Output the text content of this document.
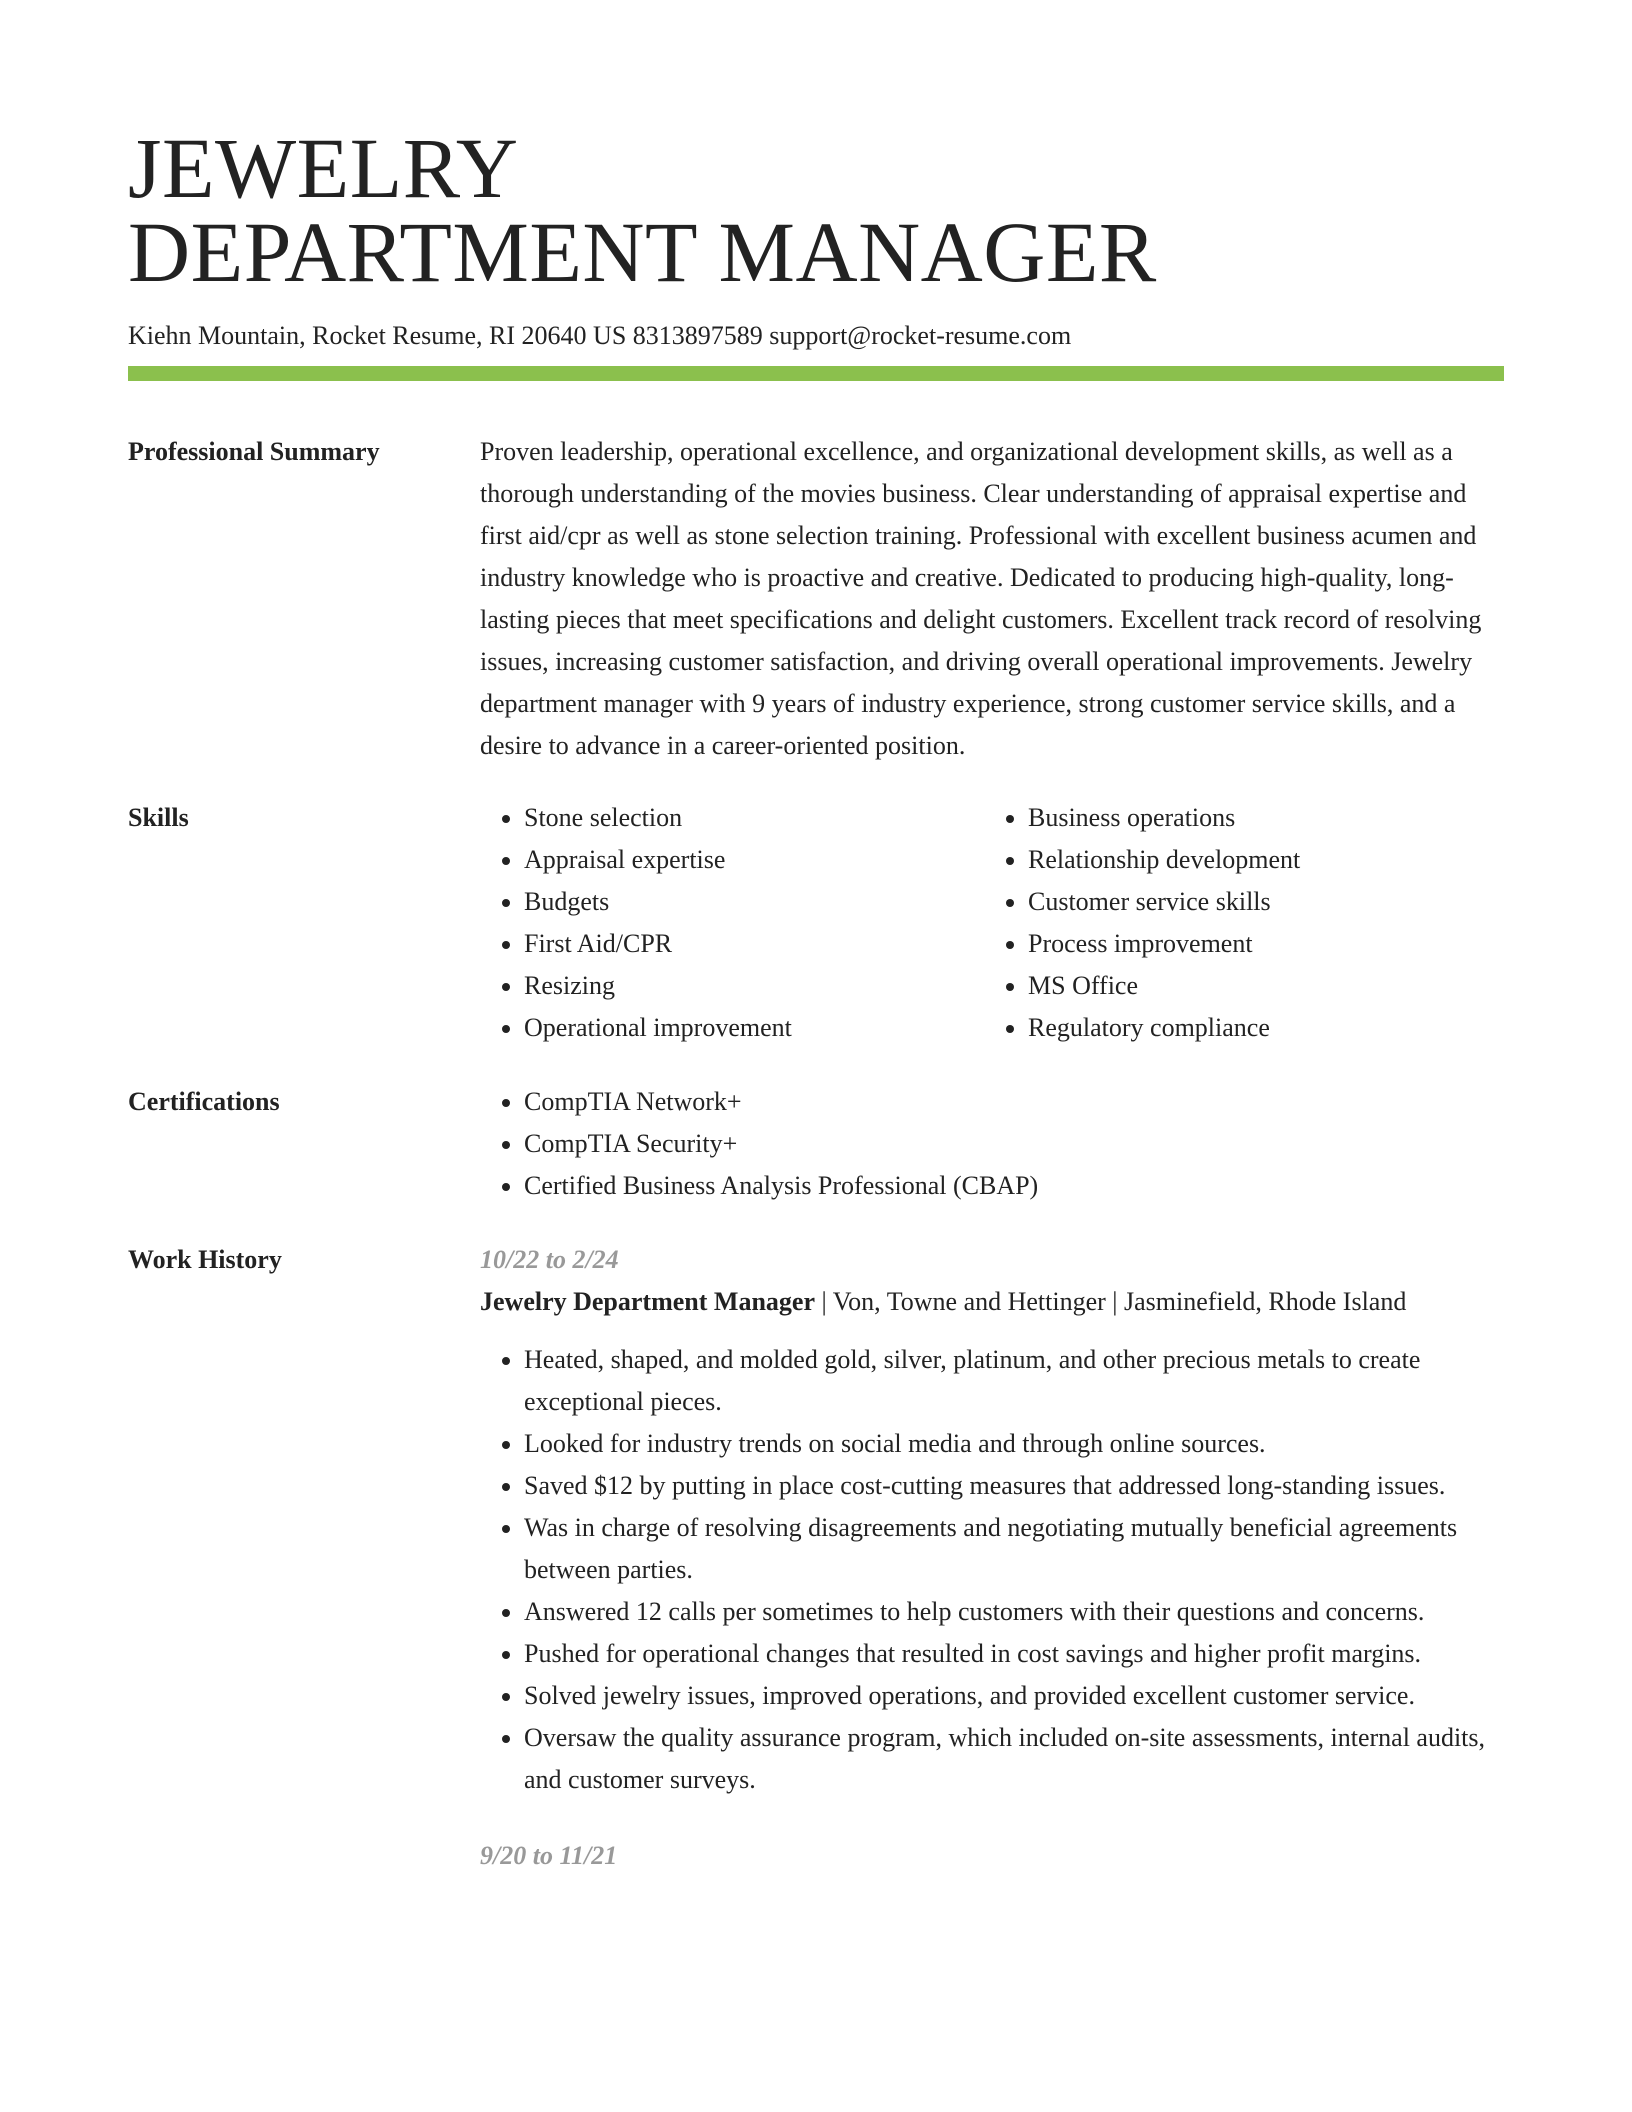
JEWELRY
DEPARTMENT MANAGER
Kiehn Mountain, Rocket Resume, RI 20640 US 8313897589 support@rocket-resume.com
Professional Summary	Proven leadership, operational excellence, and organizational development skills, as well as a thorough understanding of the movies business. Clear understanding of appraisal expertise and first aid/cpr as well as stone selection training. Professional with excellent business acumen and industry knowledge who is proactive and creative. Dedicated to producing high-quality, long-lasting pieces that meet specifications and delight customers. Excellent track record of resolving issues, increasing customer satisfaction, and driving overall operational improvements. Jewelry department manager with 9 years of industry experience, strong customer service skills, and a desire to advance in a career-oriented position.

Skills	• Stone selection
• Appraisal expertise
• Budgets
• First Aid/CPR
• Resizing
• Operational improvement
• Business operations
• Relationship development
• Customer service skills
• Process improvement
• MS Office
• Regulatory compliance
Certifications	• CompTIA Network+
• CompTIA Security+
• Certified Business Analysis Professional (CBAP)
Work History	10/22 to 2/24
Jewelry Department Manager | Von, Towne and Hettinger | Jasminefield, Rhode Island
• Heated, shaped, and molded gold, silver, platinum, and other precious metals to create exceptional pieces.
• Looked for industry trends on social media and through online sources.
• Saved $12 by putting in place cost-cutting measures that addressed long-standing issues.
• Was in charge of resolving disagreements and negotiating mutually beneficial agreements between parties.
• Answered 12 calls per sometimes to help customers with their questions and concerns.
• Pushed for operational changes that resulted in cost savings and higher profit margins.
• Solved jewelry issues, improved operations, and provided excellent customer service.
• Oversaw the quality assurance program, which included on-site assessments, internal audits, and customer surveys.
9/20 to 11/21
